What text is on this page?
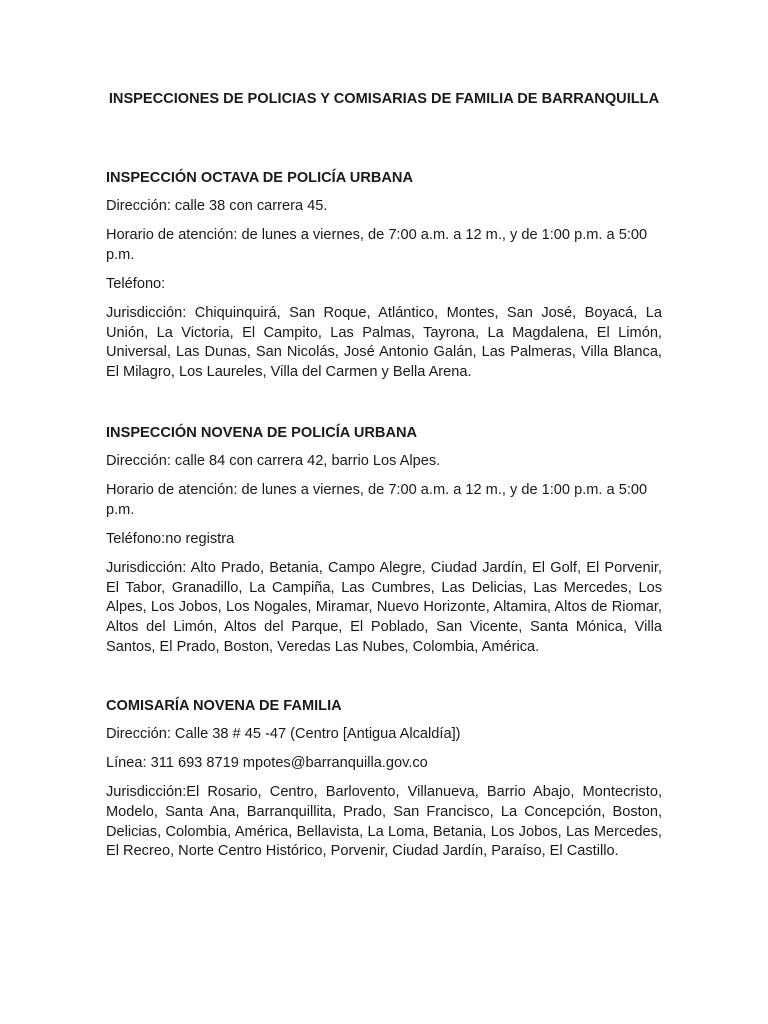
INSPECCIONES DE POLICIAS Y COMISARIAS DE FAMILIA DE BARRANQUILLA

INSPECCIÓN OCTAVA DE POLICÍA URBANA

Dirección: calle 38 con carrera 45.

Horario de atención: de lunes a viernes, de 7:00 a.m. a 12 m., y de 1:00 p.m. a 5:00 p.m.

Teléfono:

Jurisdicción: Chiquinquirá, San Roque, Atlántico, Montes, San José, Boyacá, La Unión, La Victoria, El Campito, Las Palmas, Tayrona, La Magdalena, El Limón, Universal, Las Dunas, San Nicolás, José Antonio Galán, Las Palmeras, Villa Blanca, El Milagro, Los Laureles, Villa del Carmen y Bella Arena.

INSPECCIÓN NOVENA DE POLICÍA URBANA

Dirección: calle 84 con carrera 42, barrio Los Alpes.

Horario de atención: de lunes a viernes, de 7:00 a.m. a 12 m., y de 1:00 p.m. a 5:00 p.m.

Teléfono:no registra

Jurisdicción: Alto Prado, Betania, Campo Alegre, Ciudad Jardín, El Golf, El Porvenir, El Tabor, Granadillo, La Campiña, Las Cumbres, Las Delicias, Las Mercedes, Los Alpes, Los Jobos, Los Nogales, Miramar, Nuevo Horizonte, Altamira, Altos de Riomar, Altos del Limón, Altos del Parque, El Poblado, San Vicente, Santa Mónica, Villa Santos, El Prado, Boston, Veredas Las Nubes, Colombia, América.

COMISARÍA NOVENA DE FAMILIA

Dirección: Calle 38 # 45 -47 (Centro [Antigua Alcaldía])

Línea: 311 693 8719 mpotes@barranquilla.gov.co

Jurisdicción:El Rosario, Centro, Barlovento, Villanueva, Barrio Abajo, Montecristo, Modelo, Santa Ana, Barranquillita, Prado, San Francisco, La Concepción, Boston, Delicias, Colombia, América, Bellavista, La Loma, Betania, Los Jobos, Las Mercedes, El Recreo, Norte Centro Histórico, Porvenir, Ciudad Jardín, Paraíso, El Castillo.
